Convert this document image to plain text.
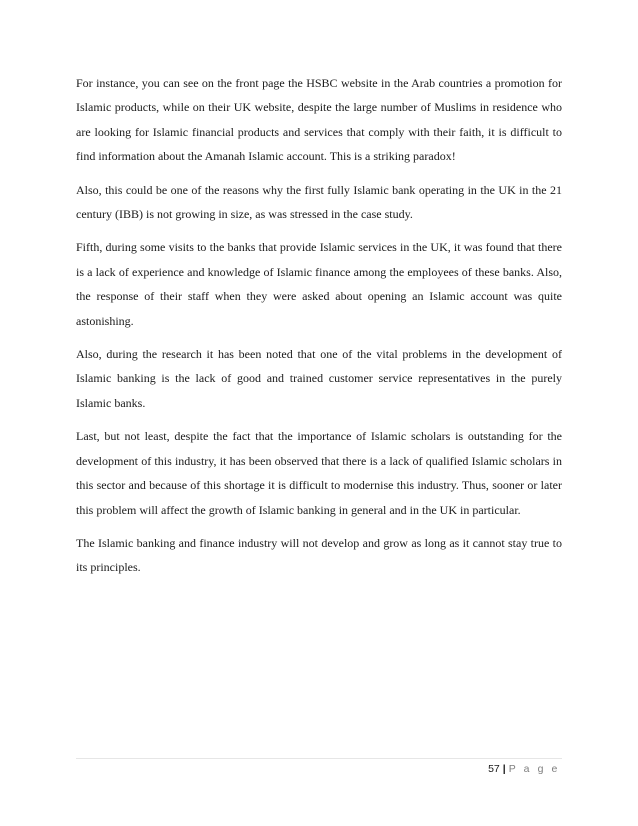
For instance, you can see on the front page the HSBC website in the Arab countries a promotion for Islamic products, while on their UK website, despite the large number of Muslims in residence who are looking for Islamic financial products and services that comply with their faith, it is difficult to find information about the Amanah Islamic account. This is a striking paradox!

Also, this could be one of the reasons why the first fully Islamic bank operating in the UK in the 21 century (IBB) is not growing in size, as was stressed in the case study.

Fifth, during some visits to the banks that provide Islamic services in the UK, it was found that there is a lack of experience and knowledge of Islamic finance among the employees of these banks. Also, the response of their staff when they were asked about opening an Islamic account was quite astonishing.

Also, during the research it has been noted that one of the vital problems in the development of Islamic banking is the lack of good and trained customer service representatives in the purely Islamic banks.

Last, but not least, despite the fact that the importance of Islamic scholars is outstanding for the development of this industry, it has been observed that there is a lack of qualified Islamic scholars in this sector and because of this shortage it is difficult to modernise this industry. Thus, sooner or later this problem will affect the growth of Islamic banking in general and in the UK in particular.

The Islamic banking and finance industry will not develop and grow as long as it cannot stay true to its principles.

57 | P a g e
